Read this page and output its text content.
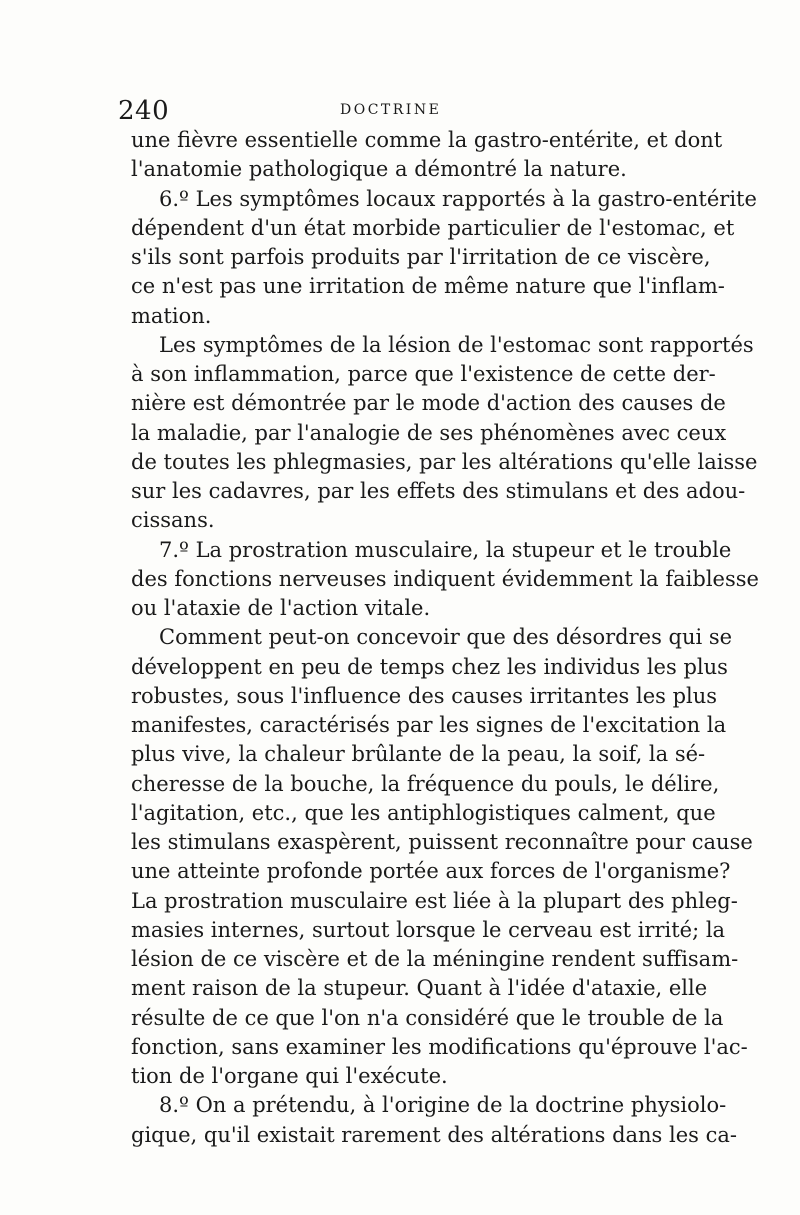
240	DOCTRINE
une fièvre essentielle comme la gastro-entérite, et dont
l'anatomie pathologique a démontré la nature.
6.º Les symptômes locaux rapportés à la gastro-entérite
dépendent d'un état morbide particulier de l'estomac, et
s'ils sont parfois produits par l'irritation de ce viscère,
ce n'est pas une irritation de même nature que l'inflam-
mation.
Les symptômes de la lésion de l'estomac sont rapportés
à son inflammation, parce que l'existence de cette der-
nière est démontrée par le mode d'action des causes de
la maladie, par l'analogie de ses phénomènes avec ceux
de toutes les phlegmasies, par les altérations qu'elle laisse
sur les cadavres, par les effets des stimulans et des adou-
cissans.
7.º La prostration musculaire, la stupeur et le trouble
des fonctions nerveuses indiquent évidemment la faiblesse
ou l'ataxie de l'action vitale.
Comment peut-on concevoir que des désordres qui se
développent en peu de temps chez les individus les plus
robustes, sous l'influence des causes irritantes les plus
manifestes, caractérisés par les signes de l'excitation la
plus vive, la chaleur brûlante de la peau, la soif, la sé-
cheresse de la bouche, la fréquence du pouls, le délire,
l'agitation, etc., que les antiphlogistiques calment, que
les stimulans exaspèrent, puissent reconnaître pour cause
une atteinte profonde portée aux forces de l'organisme?
La prostration musculaire est liée à la plupart des phleg-
masies internes, surtout lorsque le cerveau est irrité; la
lésion de ce viscère et de la méningine rendent suffisam-
ment raison de la stupeur. Quant à l'idée d'ataxie, elle
résulte de ce que l'on n'a considéré que le trouble de la
fonction, sans examiner les modifications qu'éprouve l'ac-
tion de l'organe qui l'exécute.
8.º On a prétendu, à l'origine de la doctrine physiolo-
gique, qu'il existait rarement des altérations dans les ca-
